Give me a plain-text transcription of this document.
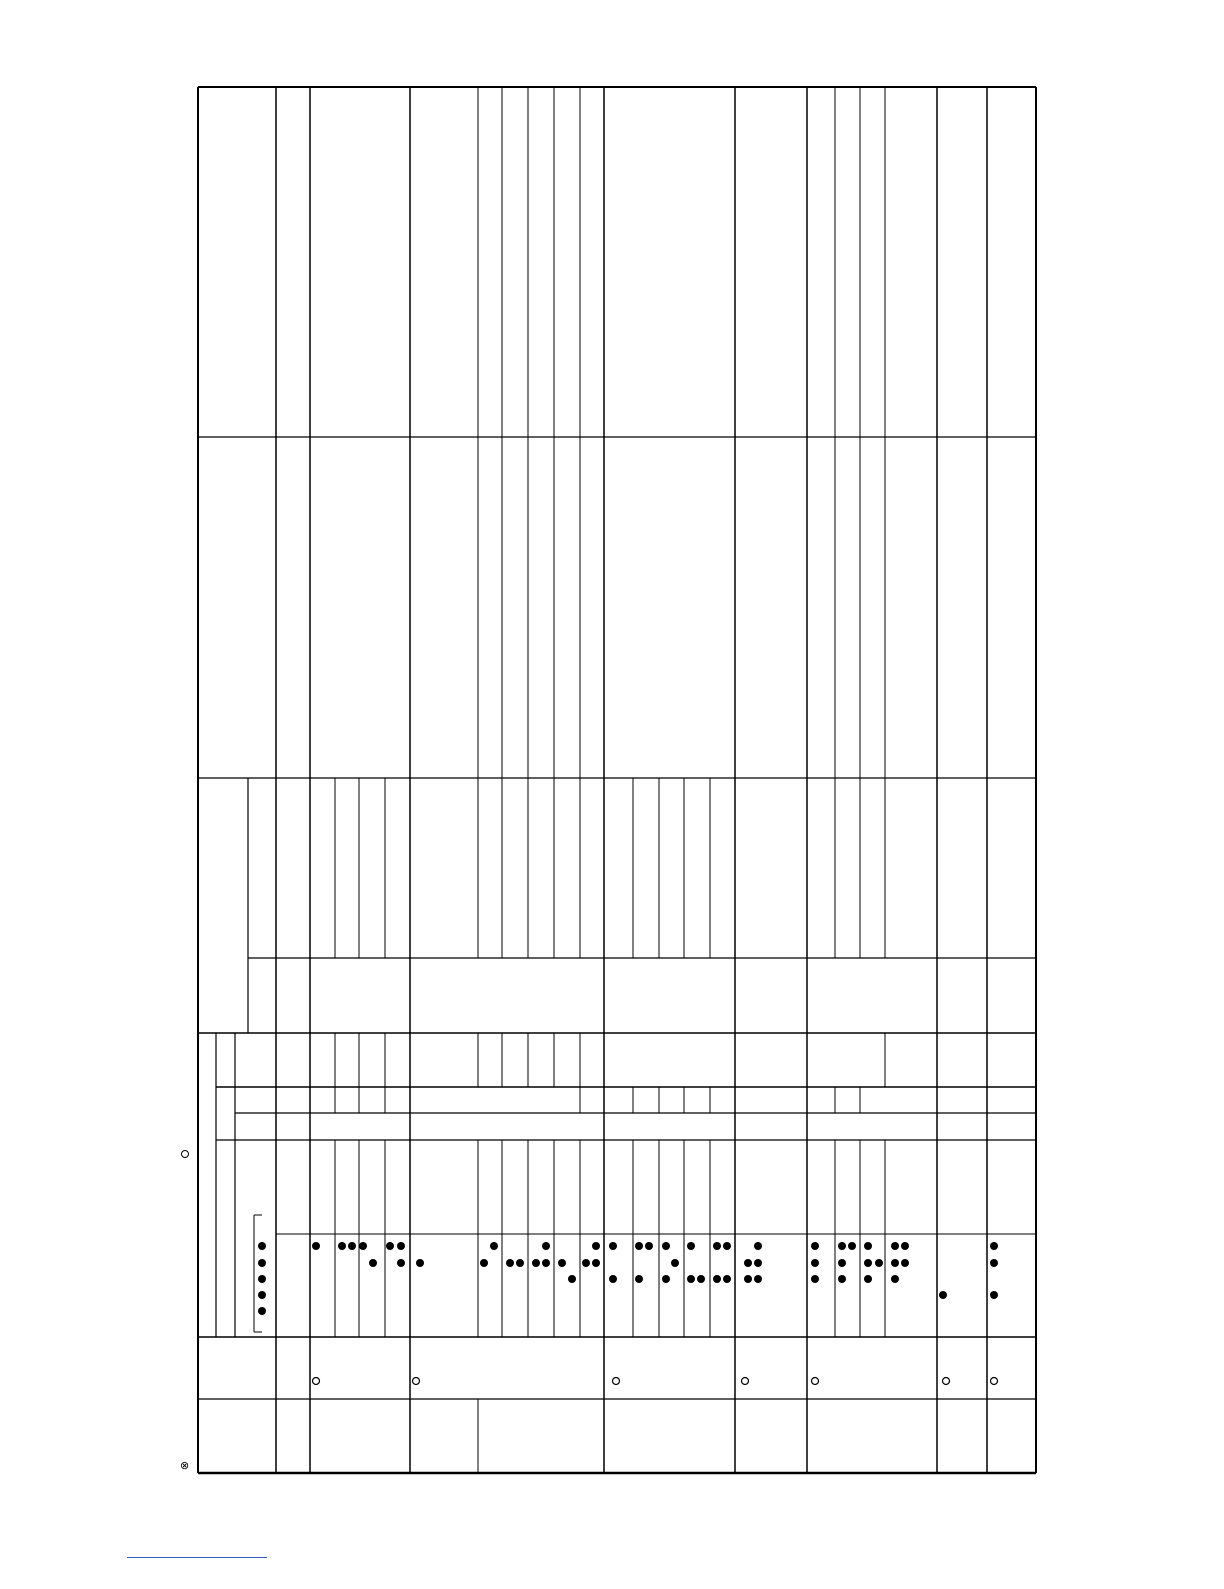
⊗
